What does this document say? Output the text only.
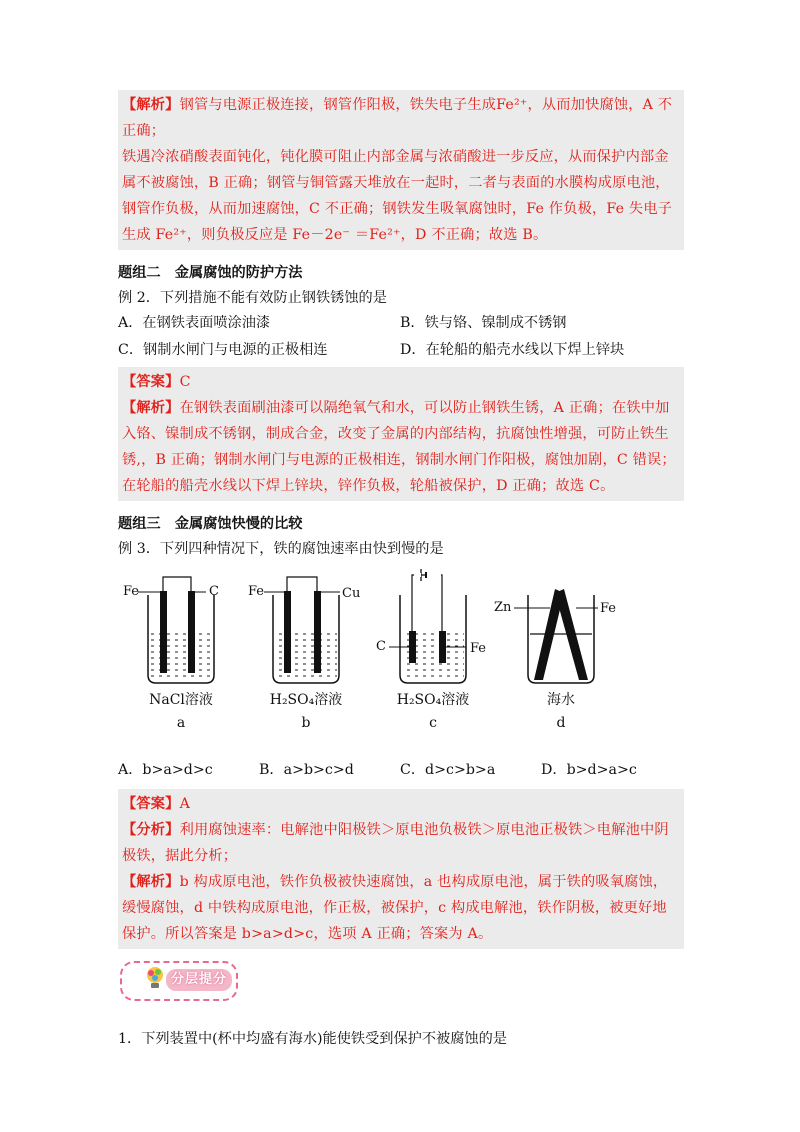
【解析】钢管与电源正极连接，钢管作阳极，铁失电子生成Fe²⁺，从而加快腐蚀，A 不正确；
铁遇冷浓硝酸表面钝化，钝化膜可阻止内部金属与浓硝酸进一步反应，从而保护内部金属不被腐蚀，B 正确；钢管与铜管露天堆放在一起时，二者与表面的水膜构成原电池，钢管作负极，从而加速腐蚀，C 不正确；钢铁发生吸氧腐蚀时，Fe 作负极，Fe 失电子生成 Fe²⁺，则负极反应是 Fe－2e⁻ ＝Fe²⁺，D 不正确；故选 B。
题组二　金属腐蚀的防护方法
例 2．下列措施不能有效防止钢铁锈蚀的是
A．在钢铁表面喷涂油漆	B．铁与铬、镍制成不锈钢
C．钢制水闸门与电源的正极相连	D．在轮船的船壳水线以下焊上锌块
【答案】C
【解析】在钢铁表面刷油漆可以隔绝氧气和水，可以防止钢铁生锈，A 正确；在铁中加入铬、镍制成不锈钢，制成合金，改变了金属的内部结构，抗腐蚀性增强，可防止铁生锈,，B 正确；钢制水闸门与电源的正极相连，钢制水闸门作阳极，腐蚀加剧，C 错误；在轮船的船壳水线以下焊上锌块，锌作负极，轮船被保护，D 正确；故选 C。
题组三　金属腐蚀快慢的比较
例 3．下列四种情况下，铁的腐蚀速率由快到慢的是
Fe	C Fe	Cu
C	Fe
Zn	Fe
NaCl溶液	H₂SO₄溶液	H₂SO₄溶液	海水
a	b	c	d
A．b>a>d>c	B．a>b>c>d	C．d>c>b>a	D．b>d>a>c
【答案】A
【分析】利用腐蚀速率：电解池中阳极铁＞原电池负极铁＞原电池正极铁＞电解池中阴极铁，据此分析；
【解析】b 构成原电池，铁作负极被快速腐蚀，a 也构成原电池，属于铁的吸氧腐蚀，缓慢腐蚀，d 中铁构成原电池，作正极，被保护，c 构成电解池，铁作阴极，被更好地保护。所以答案是 b>a>d>c，选项 A 正确；答案为 A。
分层提分
1．下列装置中(杯中均盛有海水)能使铁受到保护不被腐蚀的是
